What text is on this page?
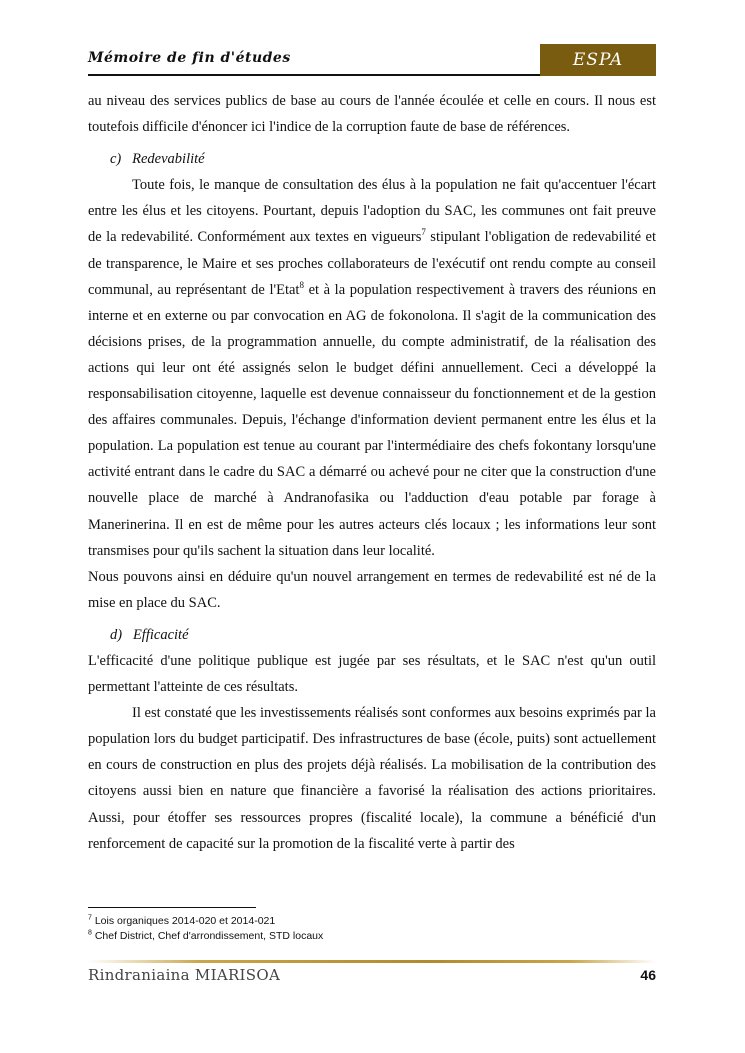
Mémoire de fin d'études	ESPA

au niveau des services publics de base au cours de l'année écoulée et celle en cours. Il nous est toutefois difficile d'énoncer ici l'indice de la corruption faute de base de références.

c)   Redevabilité

Toute fois, le manque de consultation des élus à la population ne fait qu'accentuer l'écart entre les élus et les citoyens. Pourtant, depuis l'adoption du SAC, les communes ont fait preuve de la redevabilité. Conformément aux textes en vigueurs$^7$ stipulant l'obligation de redevabilité et de transparence, le Maire et ses proches collaborateurs de l'exécutif ont rendu compte au conseil communal, au représentant de l'Etat$^8$ et à la population respectivement à travers des réunions en interne et en externe ou par convocation en AG de fokonolona. Il s'agit de la communication des décisions prises, de la programmation annuelle, du compte administratif, de la réalisation des actions qui leur ont été assignés selon le budget défini annuellement. Ceci a développé la responsabilisation citoyenne, laquelle est devenue connaisseur du fonctionnement et de la gestion des affaires communales. Depuis, l'échange d'information devient permanent entre les élus et la population. La population est tenue au courant par l'intermédiaire des chefs fokontany lorsqu'une activité entrant dans le cadre du SAC a démarré ou achevé pour ne citer que la construction d'une nouvelle place de marché à Andranofasika ou l'adduction d'eau potable par forage à Manerinerina. Il en est de même pour les autres acteurs clés locaux ; les informations leur sont transmises pour qu'ils sachent la situation dans leur localité.

Nous pouvons ainsi en déduire qu'un nouvel arrangement en termes de redevabilité est né de la mise en place du SAC.

d)   Efficacité

L'efficacité d'une politique publique est jugée par ses résultats, et le SAC n'est qu'un outil permettant l'atteinte de ces résultats.

Il est constaté que les investissements réalisés sont conformes aux besoins exprimés par la population lors du budget participatif. Des infrastructures de base (école, puits) sont actuellement en cours de construction en plus des projets déjà réalisés. La mobilisation de la contribution des citoyens aussi bien en nature que financière a favorisé la réalisation des actions prioritaires. Aussi, pour étoffer ses ressources propres (fiscalité locale), la commune a bénéficié d'un renforcement de capacité sur la promotion de la fiscalité verte à partir des

$^7$ Lois organiques 2014-020 et 2014-021
$^8$ Chef District, Chef d'arrondissement, STD locaux
Rindraniaina MIARISOA	46
